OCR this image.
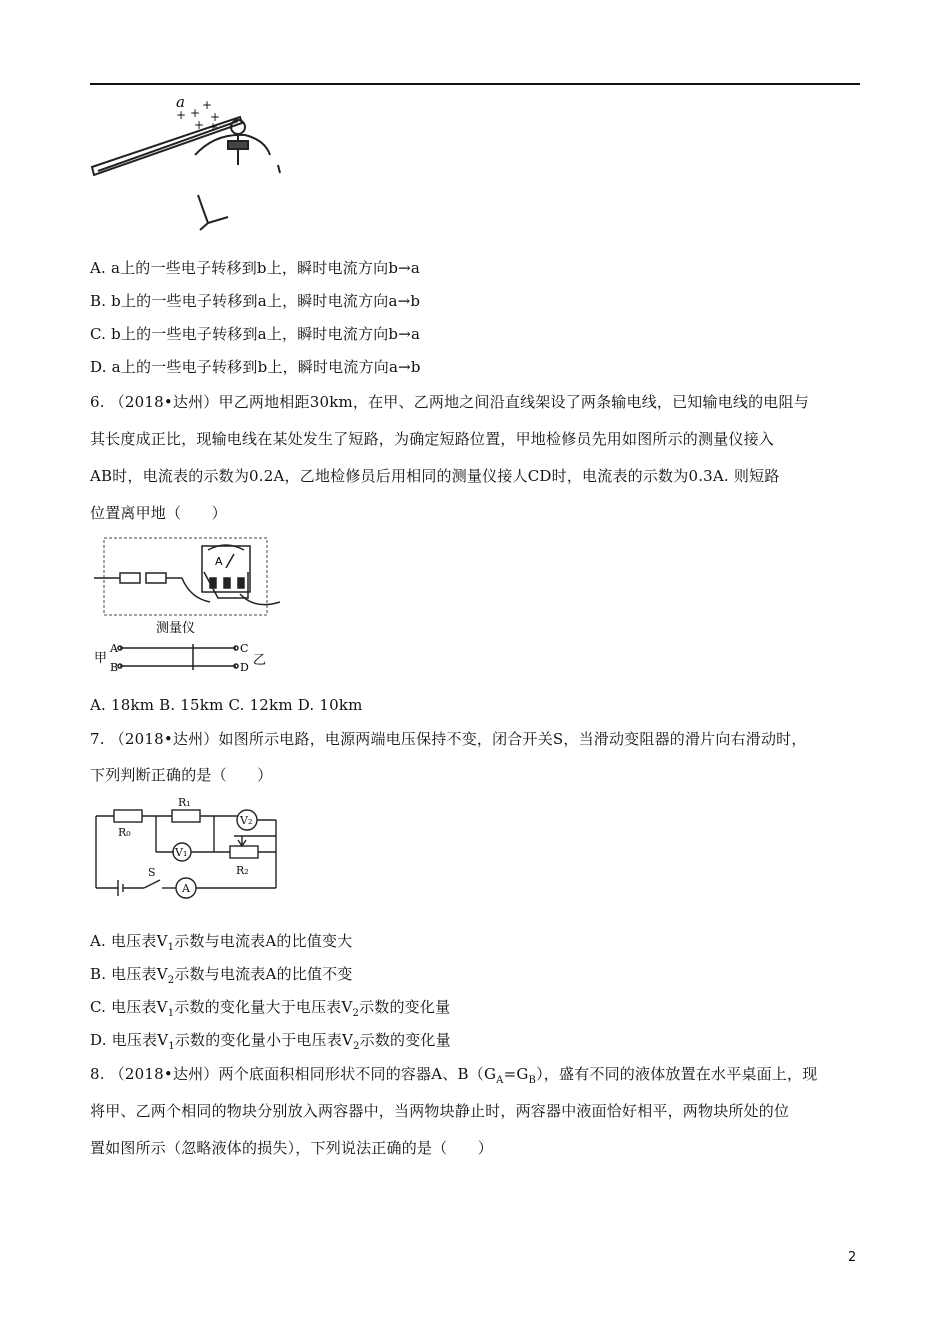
a
+ +
+
+
+ +
A. a上的一些电子转移到b上，瞬时电流方向b→a
B. b上的一些电子转移到a上，瞬时电流方向a→b
C. b上的一些电子转移到a上，瞬时电流方向b→a
D. a上的一些电子转移到b上，瞬时电流方向a→b
6. （2018•达州）甲乙两地相距30km，在甲、乙两地之间沿直线架设了两条输电线，已知输电线的电阻与
其长度成正比，现输电线在某处发生了短路，为确定短路位置，甲地检修员先用如图所示的测量仪接入
AB时，电流表的示数为0.2A，乙地检修员后用相同的测量仪接人CD时，电流表的示数为0.3A. 则短路
位置离甲地（　　）
A
测量仪
甲
A
B
C
D 乙
A. 18km B. 15km C. 12km D. 10km
7. （2018•达州）如图所示电路，电源两端电压保持不变，闭合开关S，当滑动变阻器的滑片向右滑动时，
下列判断正确的是（　　）
R₀
R₁
R₂
V₂
V₁
A
S
A. 电压表$V_1$示数与电流表A的比值变大
B. 电压表$V_2$示数与电流表A的比值不变
C. 电压表$V_1$示数的变化量大于电压表$V_2$示数的变化量
D. 电压表$V_1$示数的变化量小于电压表$V_2$示数的变化量
8. （2018•达州）两个底面积相同形状不同的容器A、$B(G_A=G_B)$，盛有不同的液体放置在水平桌面上，现
将甲、乙两个相同的物块分别放入两容器中，当两物块静止时，两容器中液面恰好相平，两物块所处的位
置如图所示（忽略液体的损失），下列说法正确的是（　　）
2
